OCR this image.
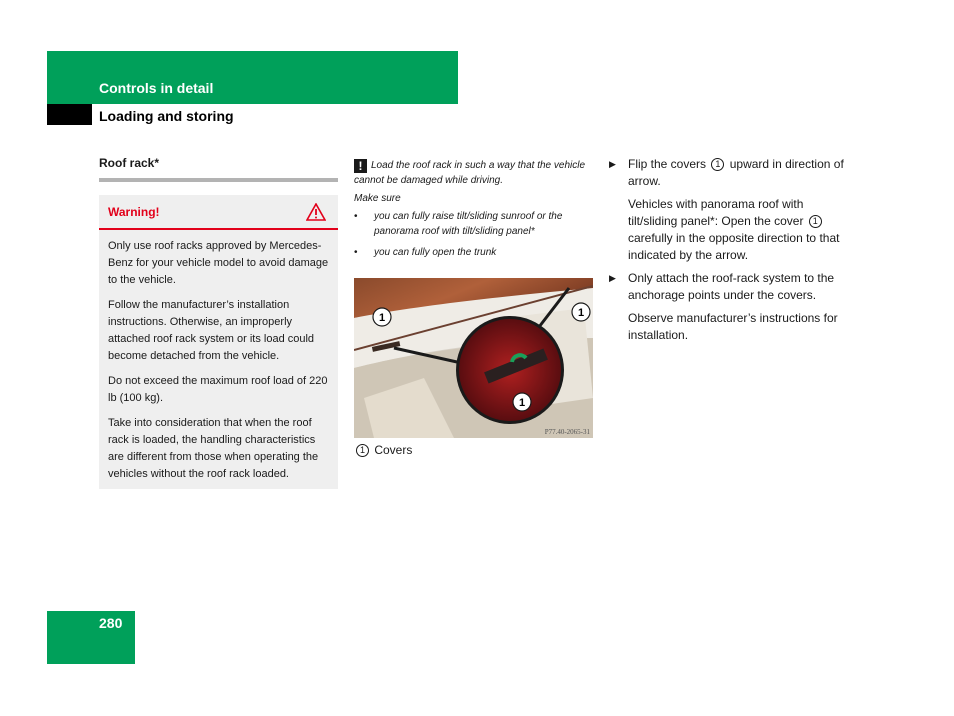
Controls in detail
Loading and storing
Roof rack*
Warning!

Only use roof racks approved by Mercedes-Benz for your vehicle model to avoid damage to the vehicle.

Follow the manufacturer’s installation instructions. Otherwise, an improperly attached roof rack system or its load could become detached from the vehicle.

Do not exceed the maximum roof load of 220 lb (100 kg).

Take into consideration that when the roof rack is loaded, the handling characteristics are different from those when operating the vehicles without the roof rack loaded.

! Load the roof rack in such a way that the vehicle cannot be damaged while driving.

Make sure
•	you can fully raise tilt/sliding sunroof or the panorama roof with tilt/sliding panel*
•	you can fully open the trunk
1	1
1
P77.40-2065-31
1 Covers
▶	Flip the covers 1 upward in direction of arrow.

Vehicles with panorama roof with tilt/sliding panel*: Open the cover 1 carefully in the opposite direction to that indicated by the arrow.

▶	Only attach the roof-rack system to the anchorage points under the covers.

Observe manufacturer’s instructions for installation.

280
